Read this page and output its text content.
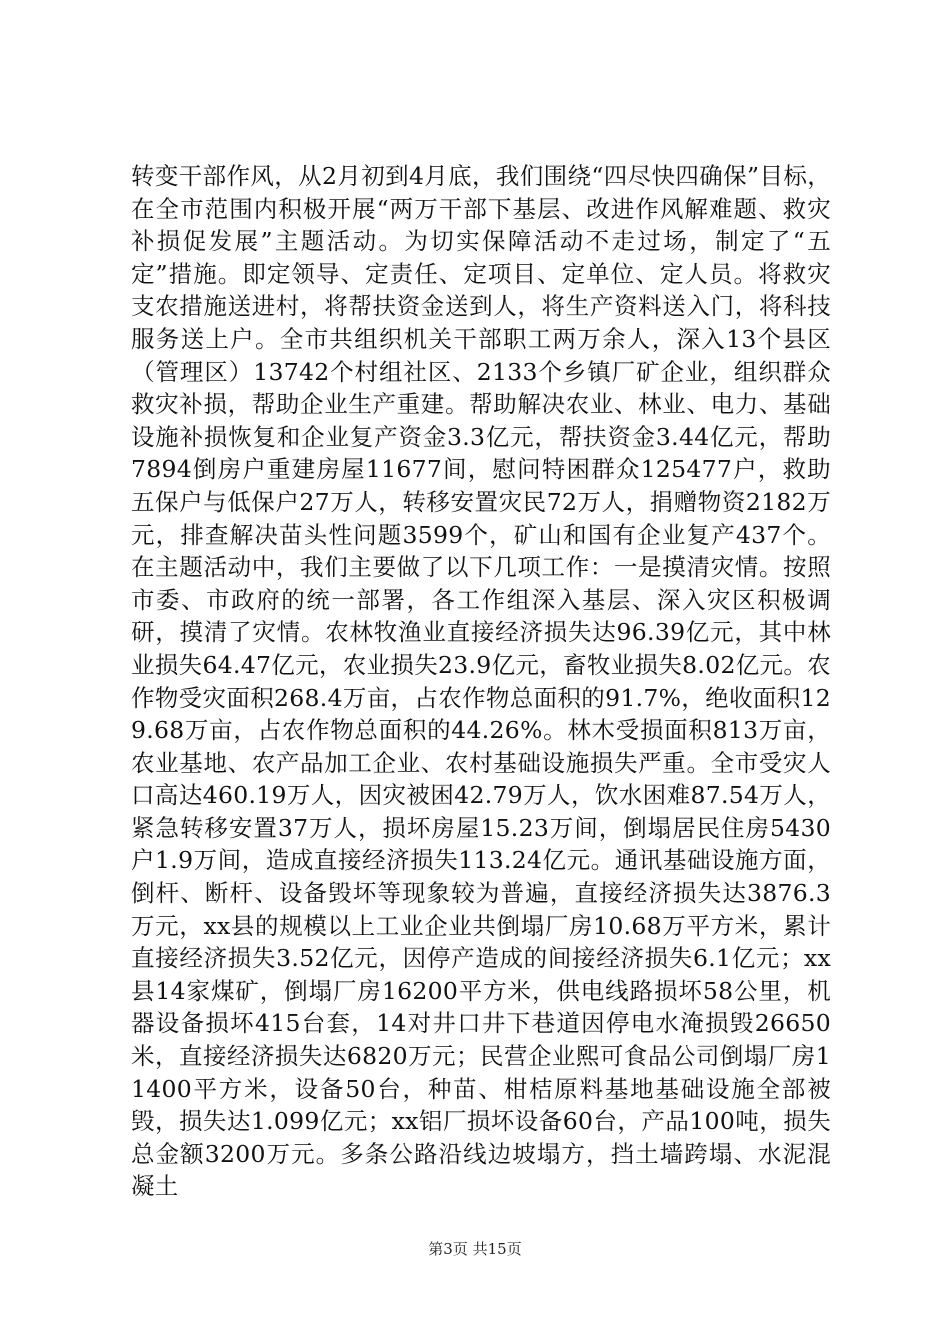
转变干部作风，从2月初到4月底，我们围绕“四尽快四确保”目标，在全市范围内积极开展“两万干部下基层、改进作风解难题、救灾补损促发展”主题活动。为切实保障活动不走过场，制定了“五定”措施。即定领导、定责任、定项目、定单位、定人员。将救灾支农措施送进村，将帮扶资金送到人，将生产资料送入门，将科技服务送上户。全市共组织机关干部职工两万余人，深入13个县区（管理区）13742个村组社区、2133个乡镇厂矿企业，组织群众救灾补损，帮助企业生产重建。帮助解决农业、林业、电力、基础设施补损恢复和企业复产资金3.3亿元，帮扶资金3.44亿元，帮助7894倒房户重建房屋11677间，慰问特困群众125477户，救助五保户与低保户27万人，转移安置灾民72万人，捐赠物资2182万元，排查解决苗头性问题3599个，矿山和国有企业复产437个。在主题活动中，我们主要做了以下几项工作：一是摸清灾情。按照市委、市政府的统一部署，各工作组深入基层、深入灾区积极调研，摸清了灾情。农林牧渔业直接经济损失达96.39亿元，其中林业损失64.47亿元，农业损失23.9亿元，畜牧业损失8.02亿元。农作物受灾面积268.4万亩，占农作物总面积的91.7%，绝收面积129.68万亩，占农作物总面积的44.26%。林木受损面积813万亩，农业基地、农产品加工企业、农村基础设施损失严重。全市受灾人口高达460.19万人，因灾被困42.79万人，饮水困难87.54万人，紧急转移安置37万人，损坏房屋15.23万间，倒塌居民住房5430户1.9万间，造成直接经济损失113.24亿元。通讯基础设施方面，倒杆、断杆、设备毁坏等现象较为普遍，直接经济损失达3876.3万元，xx县的规模以上工业企业共倒塌厂房10.68万平方米，累计直接经济损失3.52亿元，因停产造成的间接经济损失6.1亿元；xx县14家煤矿，倒塌厂房16200平方米，供电线路损坏58公里，机器设备损坏415台套，14对井口井下巷道因停电水淹损毁26650米，直接经济损失达6820万元；民营企业熙可食品公司倒塌厂房11400平方米，设备50台，种苗、柑桔原料基地基础设施全部被毁，损失达1.099亿元；xx铝厂损坏设备60台，产品100吨，损失总金额3200万元。多条公路沿线边坡塌方，挡土墙跨塌、水泥混凝土

第3页 共15页
